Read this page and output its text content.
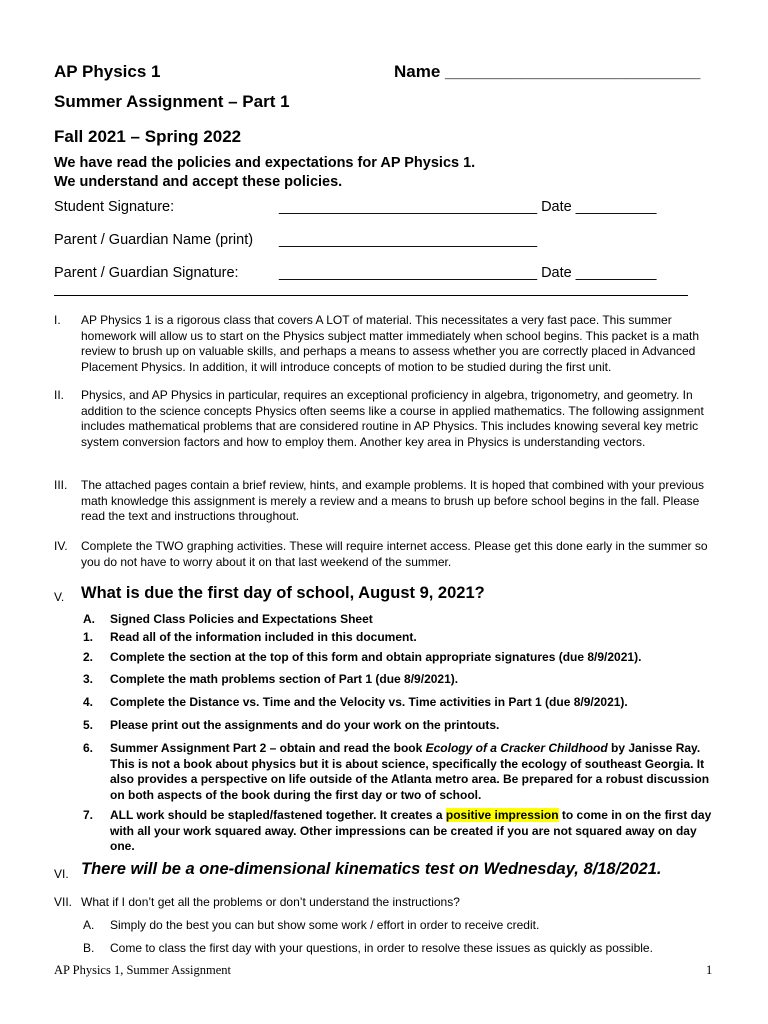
AP Physics 1	Name ___________________________
Summer Assignment – Part 1
Fall 2021 – Spring 2022
We have read the policies and expectations for AP Physics 1.
We understand and accept these policies.
Student Signature:	________________________________ Date __________
Parent / Guardian Name (print) ________________________________
Parent / Guardian Signature:	________________________________ Date __________
I.	AP Physics 1 is a rigorous class that covers A LOT of material. This necessitates a very fast pace. This summer homework will allow us to start on the Physics subject matter immediately when school begins. This packet is a math review to brush up on valuable skills, and perhaps a means to assess whether you are correctly placed in Advanced Placement Physics. In addition, it will introduce concepts of motion to be studied during the first unit.
II.	Physics, and AP Physics in particular, requires an exceptional proficiency in algebra, trigonometry, and geometry. In addition to the science concepts Physics often seems like a course in applied mathematics. The following assignment includes mathematical problems that are considered routine in AP Physics. This includes knowing several key metric system conversion factors and how to employ them. Another key area in Physics is understanding vectors.
III.	The attached pages contain a brief review, hints, and example problems. It is hoped that combined with your previous math knowledge this assignment is merely a review and a means to brush up before school begins in the fall. Please read the text and instructions throughout.
IV.	Complete the TWO graphing activities. These will require internet access. Please get this done early in the summer so you do not have to worry about it on that last weekend of the summer.
V. What is due the first day of school, August 9, 2021?
A.	Signed Class Policies and Expectations Sheet
1.	Read all of the information included in this document.
2.	Complete the section at the top of this form and obtain appropriate signatures (due 8/9/2021).
3.	Complete the math problems section of Part 1 (due 8/9/2021).
4.	Complete the Distance vs. Time and the Velocity vs. Time activities in Part 1 (due 8/9/2021).
5.	Please print out the assignments and do your work on the printouts.
6.	Summer Assignment Part 2 – obtain and read the book Ecology of a Cracker Childhood by Janisse Ray. This is not a book about physics but it is about science, specifically the ecology of southeast Georgia. It also provides a perspective on life outside of the Atlanta metro area. Be prepared for a robust discussion on both aspects of the book during the first day or two of school.
7.	ALL work should be stapled/fastened together. It creates a positive impression to come in on the first day with all your work squared away. Other impressions can be created if you are not squared away on day one.
VI. There will be a one-dimensional kinematics test on Wednesday, 8/18/2021.
VII. What if I don’t get all the problems or don’t understand the instructions?
A.	Simply do the best you can but show some work / effort in order to receive credit.
B.	Come to class the first day with your questions, in order to resolve these issues as quickly as possible.
AP Physics 1, Summer Assignment	1
